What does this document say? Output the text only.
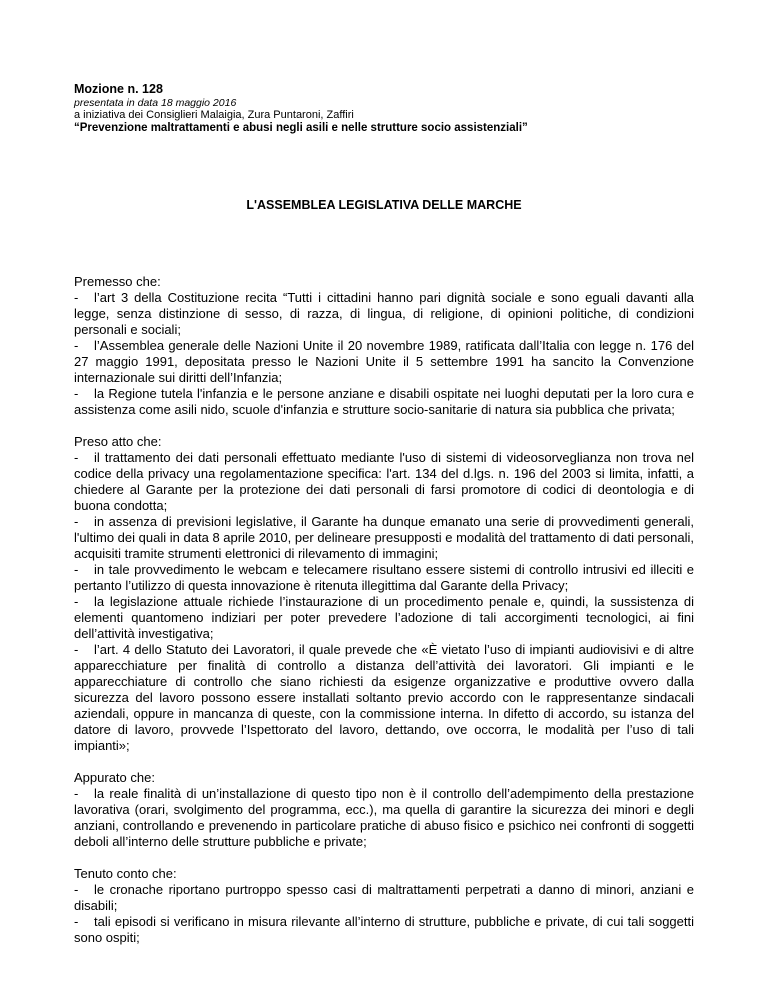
Mozione n. 128

presentata in data 18 maggio 2016
a iniziativa dei Consiglieri Malaigia, Zura Puntaroni, Zaffiri
“Prevenzione maltrattamenti e abusi negli asili e nelle strutture socio assistenziali”
L'ASSEMBLEA LEGISLATIVA DELLE MARCHE

Premesso che:

- l’art 3 della Costituzione recita “Tutti i cittadini hanno pari dignità sociale e sono eguali davanti alla legge, senza distinzione di sesso, di razza, di lingua, di religione, di opinioni politiche, di condizioni personali e sociali;

- l’Assemblea generale delle Nazioni Unite il 20 novembre 1989, ratificata dall’Italia con legge n. 176 del 27 maggio 1991, depositata presso le Nazioni Unite il 5 settembre 1991 ha sancito la Convenzione internazionale sui diritti dell’Infanzia;

- la Regione tutela l'infanzia e le persone anziane e disabili ospitate nei luoghi deputati per la loro cura e assistenza come asili nido, scuole d'infanzia e strutture socio-sanitarie di natura sia pubblica che privata;

Preso atto che:

- il trattamento dei dati personali effettuato mediante l'uso di sistemi di videosorveglianza non trova nel codice della privacy una regolamentazione specifica: l'art. 134 del d.lgs. n. 196 del 2003 si limita, infatti, a chiedere al Garante per la protezione dei dati personali di farsi promotore di codici di deontologia e di buona condotta;

- in assenza di previsioni legislative, il Garante ha dunque emanato una serie di provvedimenti generali, l'ultimo dei quali in data 8 aprile 2010, per delineare presupposti e modalità del trattamento di dati personali, acquisiti tramite strumenti elettronici di rilevamento di immagini;

- in tale provvedimento le webcam e telecamere risultano essere sistemi di controllo intrusivi ed illeciti e pertanto l’utilizzo di questa innovazione è ritenuta illegittima dal Garante della Privacy;

- la legislazione attuale richiede l’instaurazione di un procedimento penale e, quindi, la sussistenza di elementi quantomeno indiziari per poter prevedere l’adozione di tali accorgimenti tecnologici, ai fini dell’attività investigativa;

- l’art. 4 dello Statuto dei Lavoratori, il quale prevede che «È vietato l’uso di impianti audiovisivi e di altre apparecchiature per finalità di controllo a distanza dell’attività dei lavoratori. Gli impianti e le apparecchiature di controllo che siano richiesti da esigenze organizzative e produttive ovvero dalla sicurezza del lavoro possono essere installati soltanto previo accordo con le rappresentanze sindacali aziendali, oppure in mancanza di queste, con la commissione interna. In difetto di accordo, su istanza del datore di lavoro, provvede l’Ispettorato del lavoro, dettando, ove occorra, le modalità per l’uso di tali impianti»;

Appurato che:

- la reale finalità di un’installazione di questo tipo non è il controllo dell’adempimento della prestazione lavorativa (orari, svolgimento del programma, ecc.), ma quella di garantire la sicurezza dei minori e degli anziani, controllando e prevenendo in particolare pratiche di abuso fisico e psichico nei confronti di soggetti deboli all’interno delle strutture pubbliche e private;

Tenuto conto che:

- le cronache riportano purtroppo spesso casi di maltrattamenti perpetrati a danno di minori, anziani e disabili;

- tali episodi si verificano in misura rilevante all’interno di strutture, pubbliche e private, di cui tali soggetti sono ospiti;
